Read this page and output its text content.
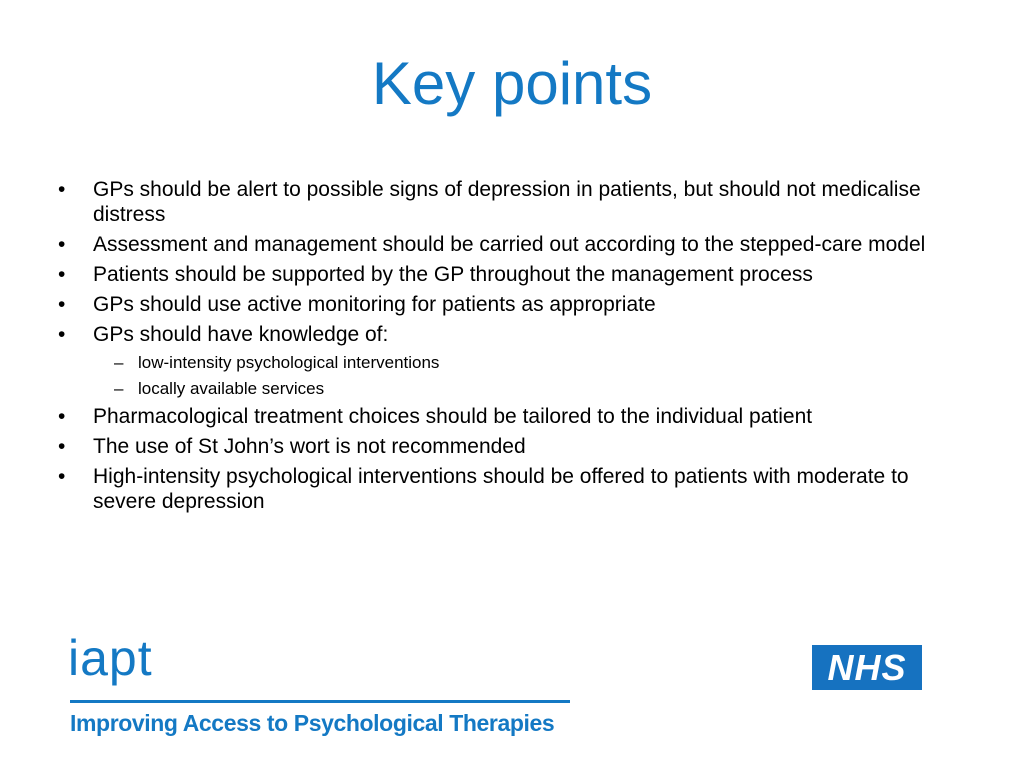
Key points
• GPs should be alert to possible signs of depression in patients, but should not medicalise distress
• Assessment and management should be carried out according to the stepped-care model
• Patients should be supported by the GP throughout the management process
• GPs should use active monitoring for patients as appropriate
• GPs should have knowledge of:
– low-intensity psychological interventions
– locally available services
• Pharmacological treatment choices should be tailored to the individual patient
• The use of St John’s wort is not recommended
• High-intensity psychological interventions should be offered to patients with moderate to severe depression
iapt
Improving Access to Psychological Therapies
NHS
